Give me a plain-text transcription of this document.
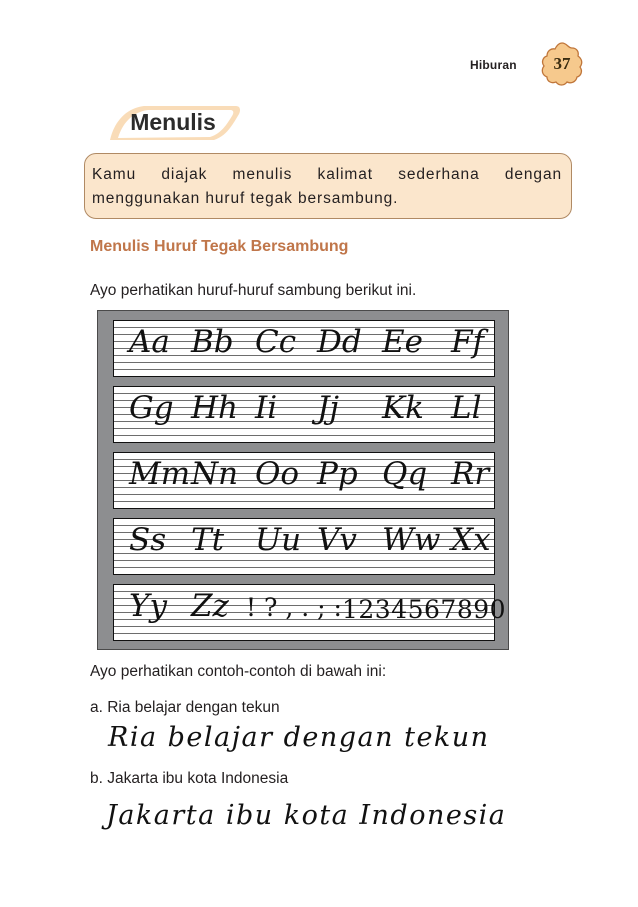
Hiburan	37
Menulis
Kamu diajak menulis kalimat sederhana dengan menggunakan huruf tegak bersambung.
Menulis Huruf Tegak Bersambung
Ayo perhatikan huruf-huruf sambung berikut ini.
Aa Bb Cc Dd Ee Ff
Gg Hh Ii Jj Kk Ll
Mm Nn Oo Pp Qq Rr
Ss Tt Uu Vv Ww Xx
Yy Zz ! ? , . ; : 1234567890
Ayo perhatikan contoh-contoh di bawah ini:
a. Ria belajar dengan tekun
Ria belajar dengan tekun
b. Jakarta ibu kota Indonesia
Jakarta ibu kota Indonesia
